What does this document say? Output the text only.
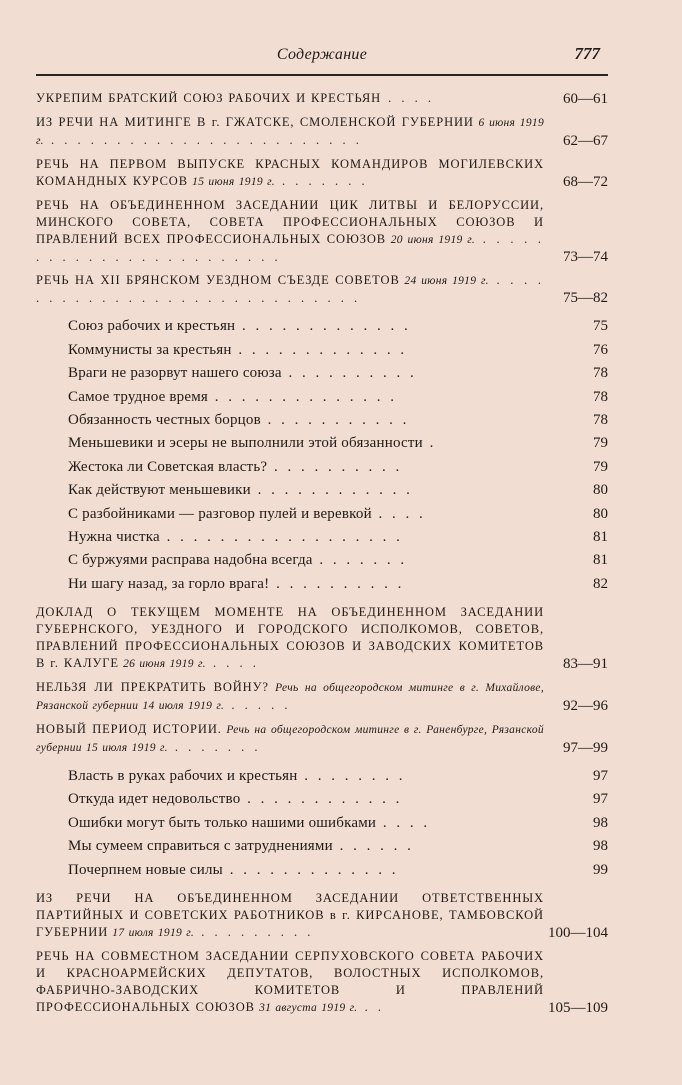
Содержание	777
УКРЕПИМ БРАТСКИЙ СОЮЗ РАБОЧИХ И КРЕСТЬЯН . . . .	60—61
ИЗ РЕЧИ НА МИТИНГЕ В г. ГЖАТСКЕ, СМОЛЕНСКОЙ ГУБЕРНИИ 6 июня 1919 г. . . . . . . . . . . . . . . . . . . . . . . . .	62—67
РЕЧЬ НА ПЕРВОМ ВЫПУСКЕ КРАСНЫХ КОМАНДИРОВ МОГИЛЕВСКИХ КОМАНДНЫХ КУРСОВ 15 июня 1919 г. . . . . . . .	68—72
РЕЧЬ НА ОБЪЕДИНЕННОМ ЗАСЕДАНИИ ЦИК ЛИТВЫ И БЕЛОРУССИИ, МИНСКОГО СОВЕТА, СОВЕТА ПРОФЕССИОНАЛЬНЫХ СОЮЗОВ И ПРАВЛЕНИЙ ВСЕХ ПРОФЕССИОНАЛЬНЫХ СОЮЗОВ 20 июня 1919 г. . . . . . . . . . . . . . . . . . . . . . . . .	73—74
РЕЧЬ НА XII БРЯНСКОМ УЕЗДНОМ СЪЕЗДЕ СОВЕТОВ 24 июня 1919 г. . . . . . . . . . . . . . . . . . . . . . . . . . . . . .	75—82
Союз рабочих и крестьян . . . . . . . . . . . . .	75
Коммунисты за крестьян . . . . . . . . . . . . .	76
Враги не разорвут нашего союза . . . . . . . . . .	78
Самое трудное время . . . . . . . . . . . . . .	78
Обязанность честных борцов . . . . . . . . . . .	78
Меньшевики и эсеры не выполнили этой обязанности .	79
Жестока ли Советская власть? . . . . . . . . . .	79
Как действуют меньшевики . . . . . . . . . . . .	80
С разбойниками — разговор пулей и веревкой . . . .	80
Нужна чистка . . . . . . . . . . . . . . . . . .	81
С буржуями расправа надобна всегда . . . . . . .	81
Ни шагу назад, за горло врага! . . . . . . . . . .	82
ДОКЛАД О ТЕКУЩЕМ МОМЕНТЕ НА ОБЪЕДИНЕННОМ ЗАСЕДАНИИ ГУБЕРНСКОГО, УЕЗДНОГО И ГОРОДСКОГО ИСПОЛКОМОВ, СОВЕТОВ, ПРАВЛЕНИЙ ПРОФЕССИОНАЛЬНЫХ СОЮЗОВ И ЗАВОДСКИХ КОМИТЕТОВ В г. КАЛУГЕ 26 июня 1919 г. . . . .	83—91
НЕЛЬЗЯ ЛИ ПРЕКРАТИТЬ ВОЙНУ? Речь на общегородском митинге в г. Михайлове, Рязанской губернии 14 июля 1919 г. . . . . .	92—96
НОВЫЙ ПЕРИОД ИСТОРИИ. Речь на общегородском митинге в г. Раненбурге, Рязанской губернии 15 июля 1919 г. . . . . . . .	97—99
Власть в руках рабочих и крестьян . . . . . . . .	97
Откуда идет недовольство . . . . . . . . . . . .	97
Ошибки могут быть только нашими ошибками . . . .	98
Мы сумеем справиться с затруднениями . . . . . .	98
Почерпнем новые силы . . . . . . . . . . . . .	99
ИЗ РЕЧИ НА ОБЪЕДИНЕННОМ ЗАСЕДАНИИ ОТВЕТСТВЕННЫХ ПАРТИЙНЫХ И СОВЕТСКИХ РАБОТНИКОВ в г. КИРСАНОВЕ, ТАМБОВСКОЙ ГУБЕРНИИ 17 июля 1919 г. . . . . . . . . .	100—104
РЕЧЬ НА СОВМЕСТНОМ ЗАСЕДАНИИ СЕРПУХОВСКОГО СОВЕТА РАБОЧИХ И КРАСНОАРМЕЙСКИХ ДЕПУТАТОВ, ВОЛОСТНЫХ ИСПОЛКОМОВ, ФАБРИЧНО-ЗАВОДСКИХ КОМИТЕТОВ И ПРАВЛЕНИЙ ПРОФЕССИОНАЛЬНЫХ СОЮЗОВ 31 августа 1919 г. . .	105—109
